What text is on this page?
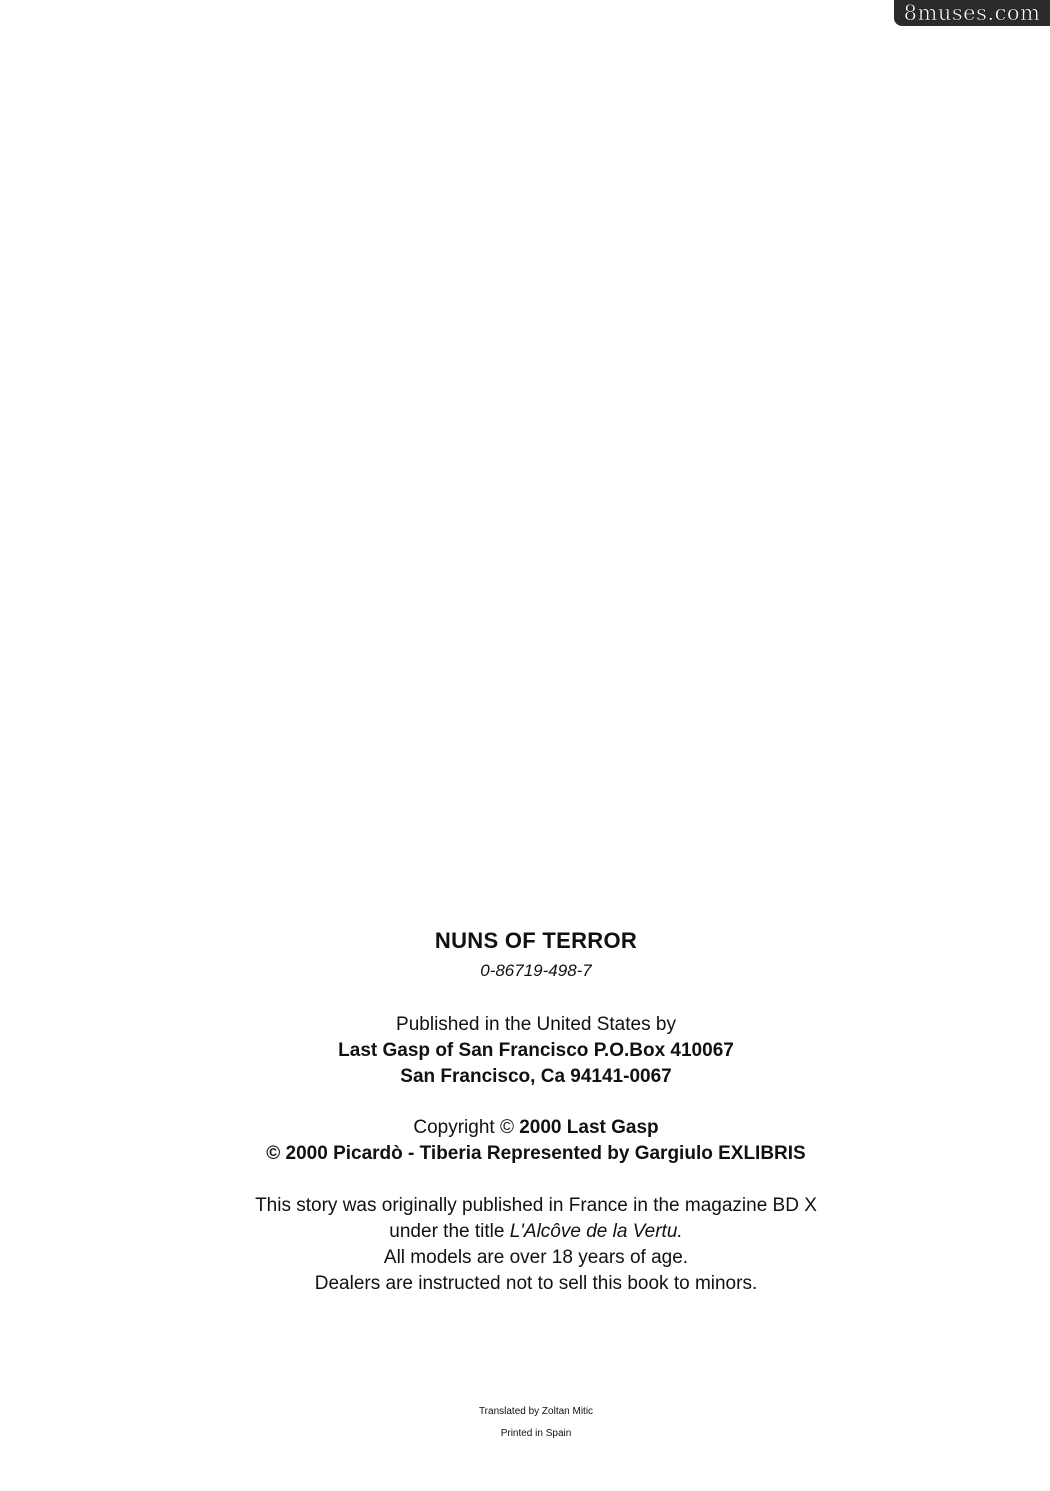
8muses.com
NUNS OF TERROR
0-86719-498-7
Published in the United States by
Last Gasp of San Francisco P.O.Box 410067
San Francisco, Ca 94141-0067
Copyright © 2000 Last Gasp
© 2000 Picardò - Tiberia Represented by Gargiulo EXLIBRIS
This story was originally published in France in the magazine BD X
under the title L'Alcôve de la Vertu.
All models are over 18 years of age.
Dealers are instructed not to sell this book to minors.
Translated by Zoltan Mitic
Printed in Spain
